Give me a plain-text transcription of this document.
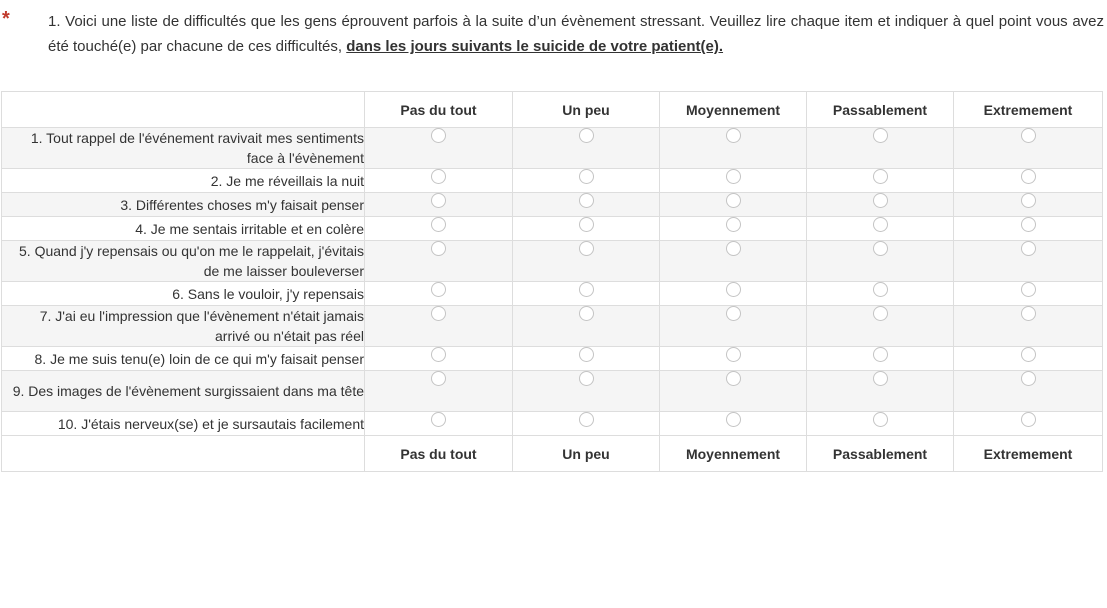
*	1. Voici une liste de difficultés que les gens éprouvent parfois à la suite d’un évènement stressant. Veuillez lire chaque item et indiquer à quel point vous avez été touché(e) par chacune de ces difficultés, dans les jours suivants le suicide de votre patient(e).
	Pas du tout	Un peu	Moyennement	Passablement	Extremement
1. Tout rappel de l'événement ravivait mes sentiments face à l'évènement					
2. Je me réveillais la nuit					
3. Différentes choses m'y faisait penser					
4. Je me sentais irritable et en colère					
5. Quand j'y repensais ou qu'on me le rappelait, j'évitais de me laisser bouleverser					
6. Sans le vouloir, j'y repensais					
7. J'ai eu l'impression que l'évènement n'était jamais arrivé ou n'était pas réel					
8. Je me suis tenu(e) loin de ce qui m'y faisait penser					
9. Des images de l'évènement surgissaient dans ma tête					
10. J'étais nerveux(se) et je sursautais facilement					
	Pas du tout	Un peu	Moyennement	Passablement	Extremement
